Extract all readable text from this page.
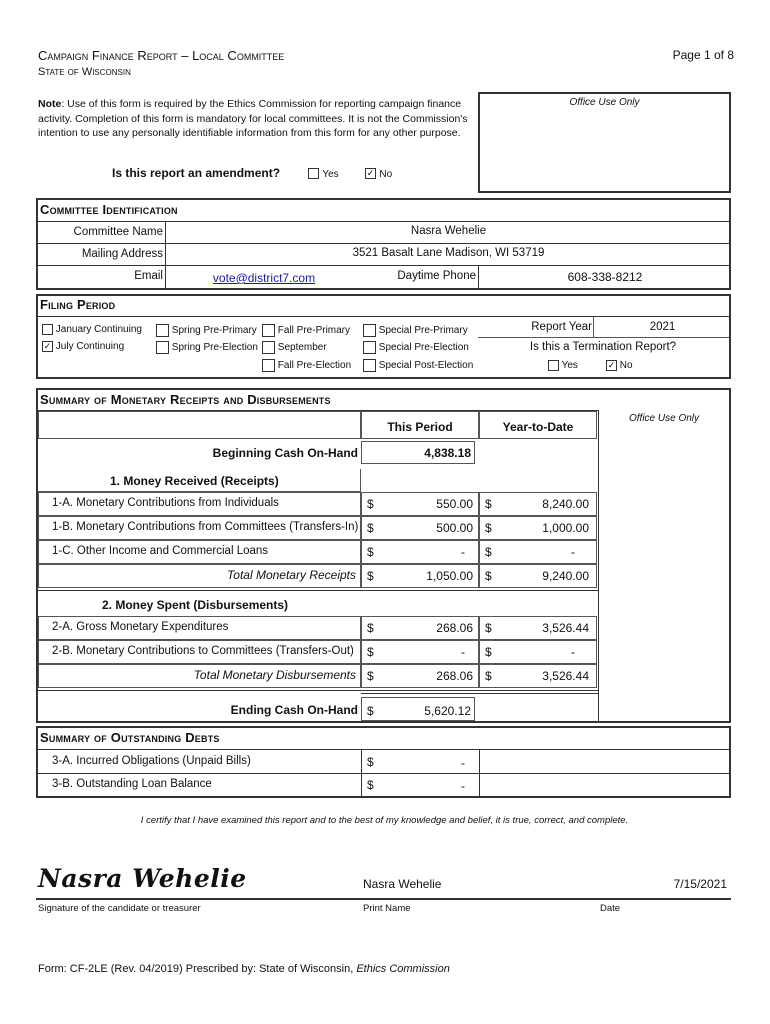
Campaign Finance Report – Local Committee
State of Wisconsin
Page 1 of 8
Note: Use of this form is required by the Ethics Commission for reporting campaign finance activity. Completion of this form is mandatory for local committees. It is not the Commission's intention to use any personally identifiable information from this form for any other purpose.
Office Use Only
Is this report an amendment?	Yes	✓ No
Committee Identification
Committee Name	Nasra Wehelie
Mailing Address	3521 Basalt Lane Madison, WI 53719
Email	vote@district7.com	Daytime Phone	608-338-8212
Filing Period
January Continuing
✓ July Continuing
Spring Pre-Primary
Spring Pre-Election
Fall Pre-Primary
September
Fall Pre-Election
Special Pre-Primary
Special Pre-Election
Special Post-Election
Report Year	2021
Is this a Termination Report?
Yes	✓ No
Summary of Monetary Receipts and Disbursements
Office Use Only
This Period	Year-to-Date
Beginning Cash On-Hand	4,838.18
1. Money Received (Receipts)
1-A. Monetary Contributions from Individuals	$	550.00 $	8,240.00
1-B. Monetary Contributions from Committees (Transfers-In) $	500.00 $	1,000.00
1-C. Other Income and Commercial Loans	$	- $	-
Total Monetary Receipts $	1,050.00 $	9,240.00
2. Money Spent (Disbursements)
2-A. Gross Monetary Expenditures	$	268.06 $	3,526.44
2-B. Monetary Contributions to Committees (Transfers-Out) $	- $	-
Total Monetary Disbursements $	268.06 $	3,526.44
Ending Cash On-Hand $	5,620.12
Summary of Outstanding Debts
3-A. Incurred Obligations (Unpaid Bills)	$	-
3-B. Outstanding Loan Balance	$	-
I certify that I have examined this report and to the best of my knowledge and belief, it is true, correct, and complete.
Nasra Wehelie	Nasra Wehelie	7/15/2021
Signature of the candidate or treasurer	Print Name	Date
Form: CF-2LE (Rev. 04/2019) Prescribed by: State of Wisconsin, Ethics Commission
